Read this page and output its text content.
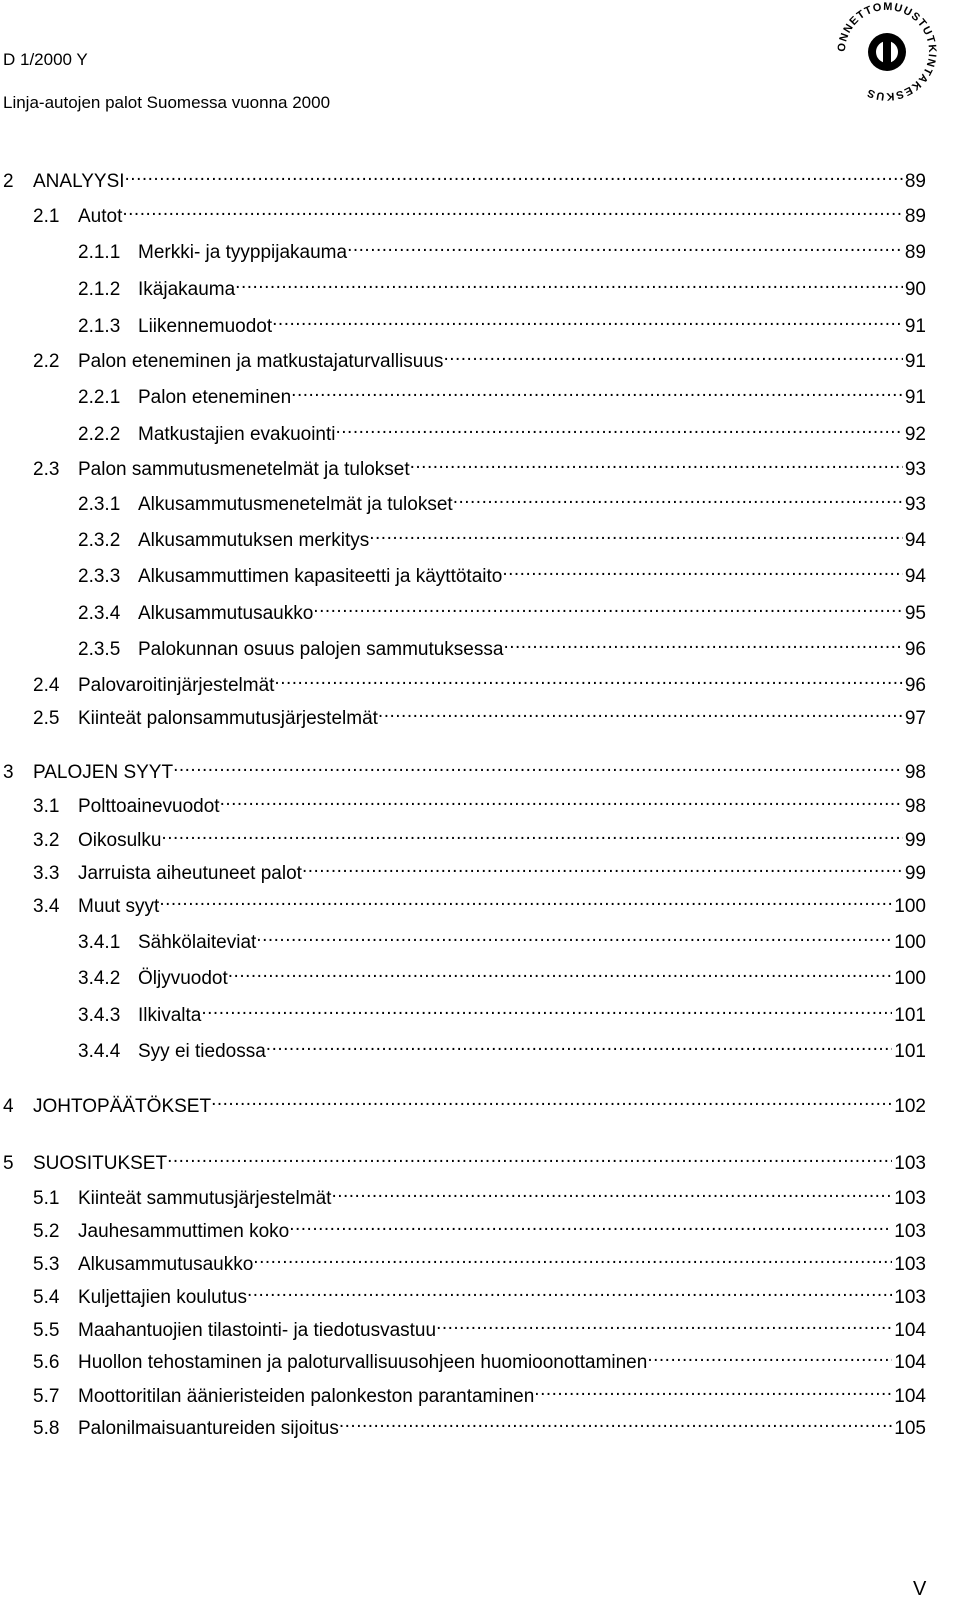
D 1/2000 Y
Linja-autojen palot Suomessa vuonna 2000
ONNETTOMUUSTUTKINTAKESKUS
2	ANALYYSI .....	89
2.1 Autot .....	89
2.1.1 Merkki- ja tyyppijakauma .....	89
2.1.2 Ikäjakauma .....	90
2.1.3 Liikennemuodot .....	91
2.2 Palon eteneminen ja matkustajaturvallisuus .....	91
2.2.1 Palon eteneminen .....	91
2.2.2 Matkustajien evakuointi .....	92
2.3 Palon sammutusmenetelmät ja tulokset .....	93
2.3.1 Alkusammutusmenetelmät ja tulokset .....	93
2.3.2 Alkusammutuksen merkitys .....	94
2.3.3 Alkusammuttimen kapasiteetti ja käyttötaito .....	94
2.3.4 Alkusammutusaukko .....	95
2.3.5 Palokunnan osuus palojen sammutuksessa .....	96
2.4 Palovaroitinjärjestelmät .....	96
2.5 Kiinteät palonsammutusjärjestelmät .....	97
3	PALOJEN SYYT .....	98
3.1 Polttoainevuodot .....	98
3.2 Oikosulku .....	99
3.3 Jarruista aiheutuneet palot .....	99
3.4 Muut syyt .....	100
3.4.1 Sähkölaiteviat .....	100
3.4.2 Öljyvuodot .....	100
3.4.3 Ilkivalta .....	101
3.4.4 Syy ei tiedossa .....	101
4	JOHTOPÄÄTÖKSET .....	102
5	SUOSITUKSET .....	103
5.1 Kiinteät sammutusjärjestelmät .....	103
5.2 Jauhesammuttimen koko .....	103
5.3 Alkusammutusaukko .....	103
5.4 Kuljettajien koulutus .....	103
5.5 Maahantuojien tilastointi- ja tiedotusvastuu .....	104
5.6 Huollon tehostaminen ja paloturvallisuusohjeen huomioonottaminen .....	104
5.7 Moottoritilan äänieristeiden palonkeston parantaminen .....	104
5.8 Palonilmaisuantureiden sijoitus .....	105
V
